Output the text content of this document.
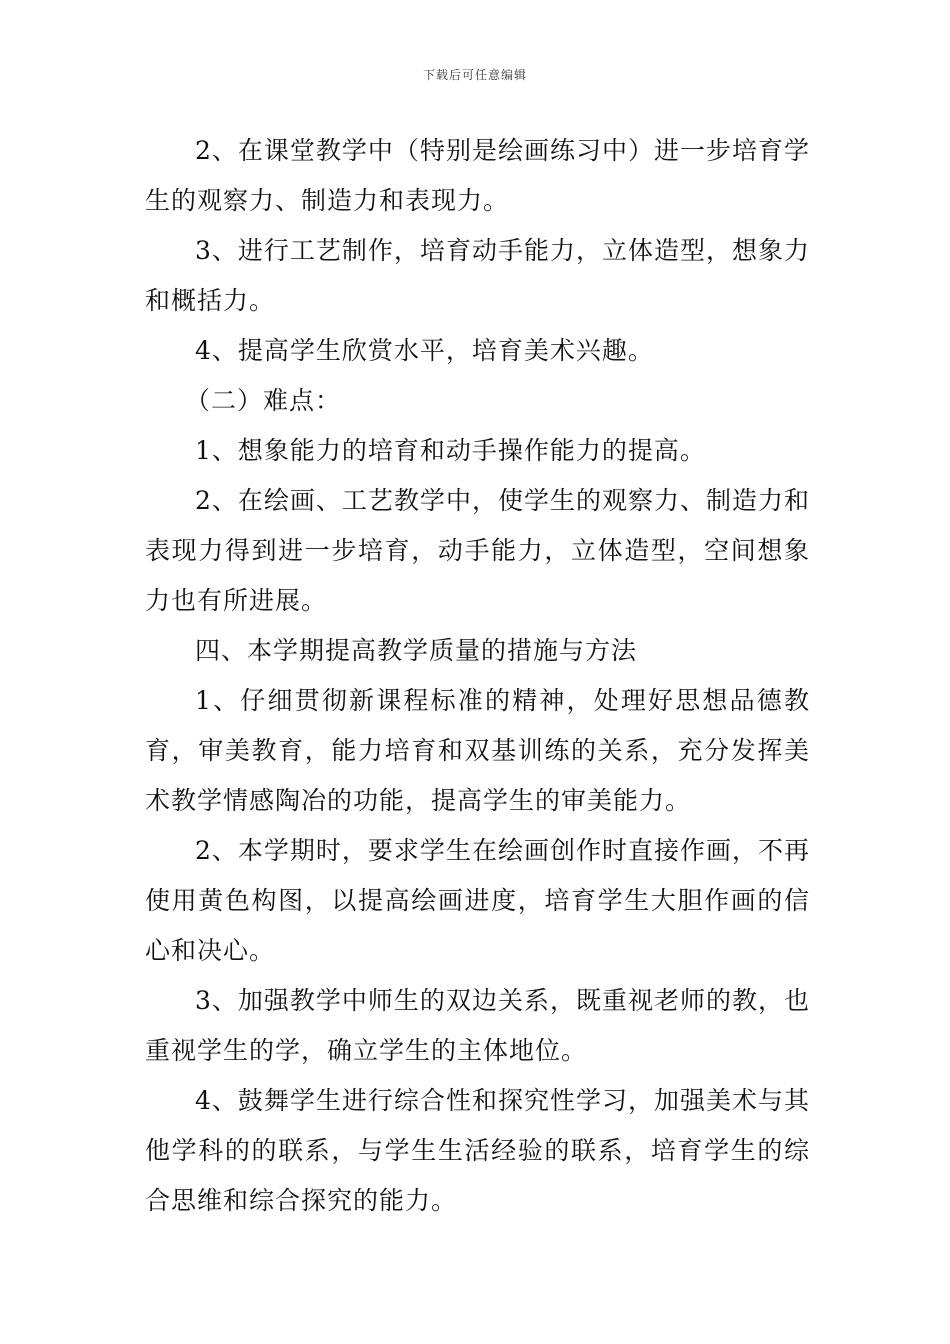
下载后可任意编辑

2、在课堂教学中（特别是绘画练习中）进一步培育学生的观察力、制造力和表现力。

3、进行工艺制作，培育动手能力，立体造型，想象力和概括力。

4、提高学生欣赏水平，培育美术兴趣。

（二）难点：

1、想象能力的培育和动手操作能力的提高。

2、在绘画、工艺教学中，使学生的观察力、制造力和表现力得到进一步培育，动手能力，立体造型，空间想象力也有所进展。

四、本学期提高教学质量的措施与方法

1、仔细贯彻新课程标准的精神，处理好思想品德教育，审美教育，能力培育和双基训练的关系，充分发挥美术教学情感陶冶的功能，提高学生的审美能力。

2、本学期时，要求学生在绘画创作时直接作画，不再使用黄色构图，以提高绘画进度，培育学生大胆作画的信心和决心。

3、加强教学中师生的双边关系，既重视老师的教，也重视学生的学，确立学生的主体地位。

4、鼓舞学生进行综合性和探究性学习，加强美术与其他学科的的联系，与学生生活经验的联系，培育学生的综合思维和综合探究的能力。
